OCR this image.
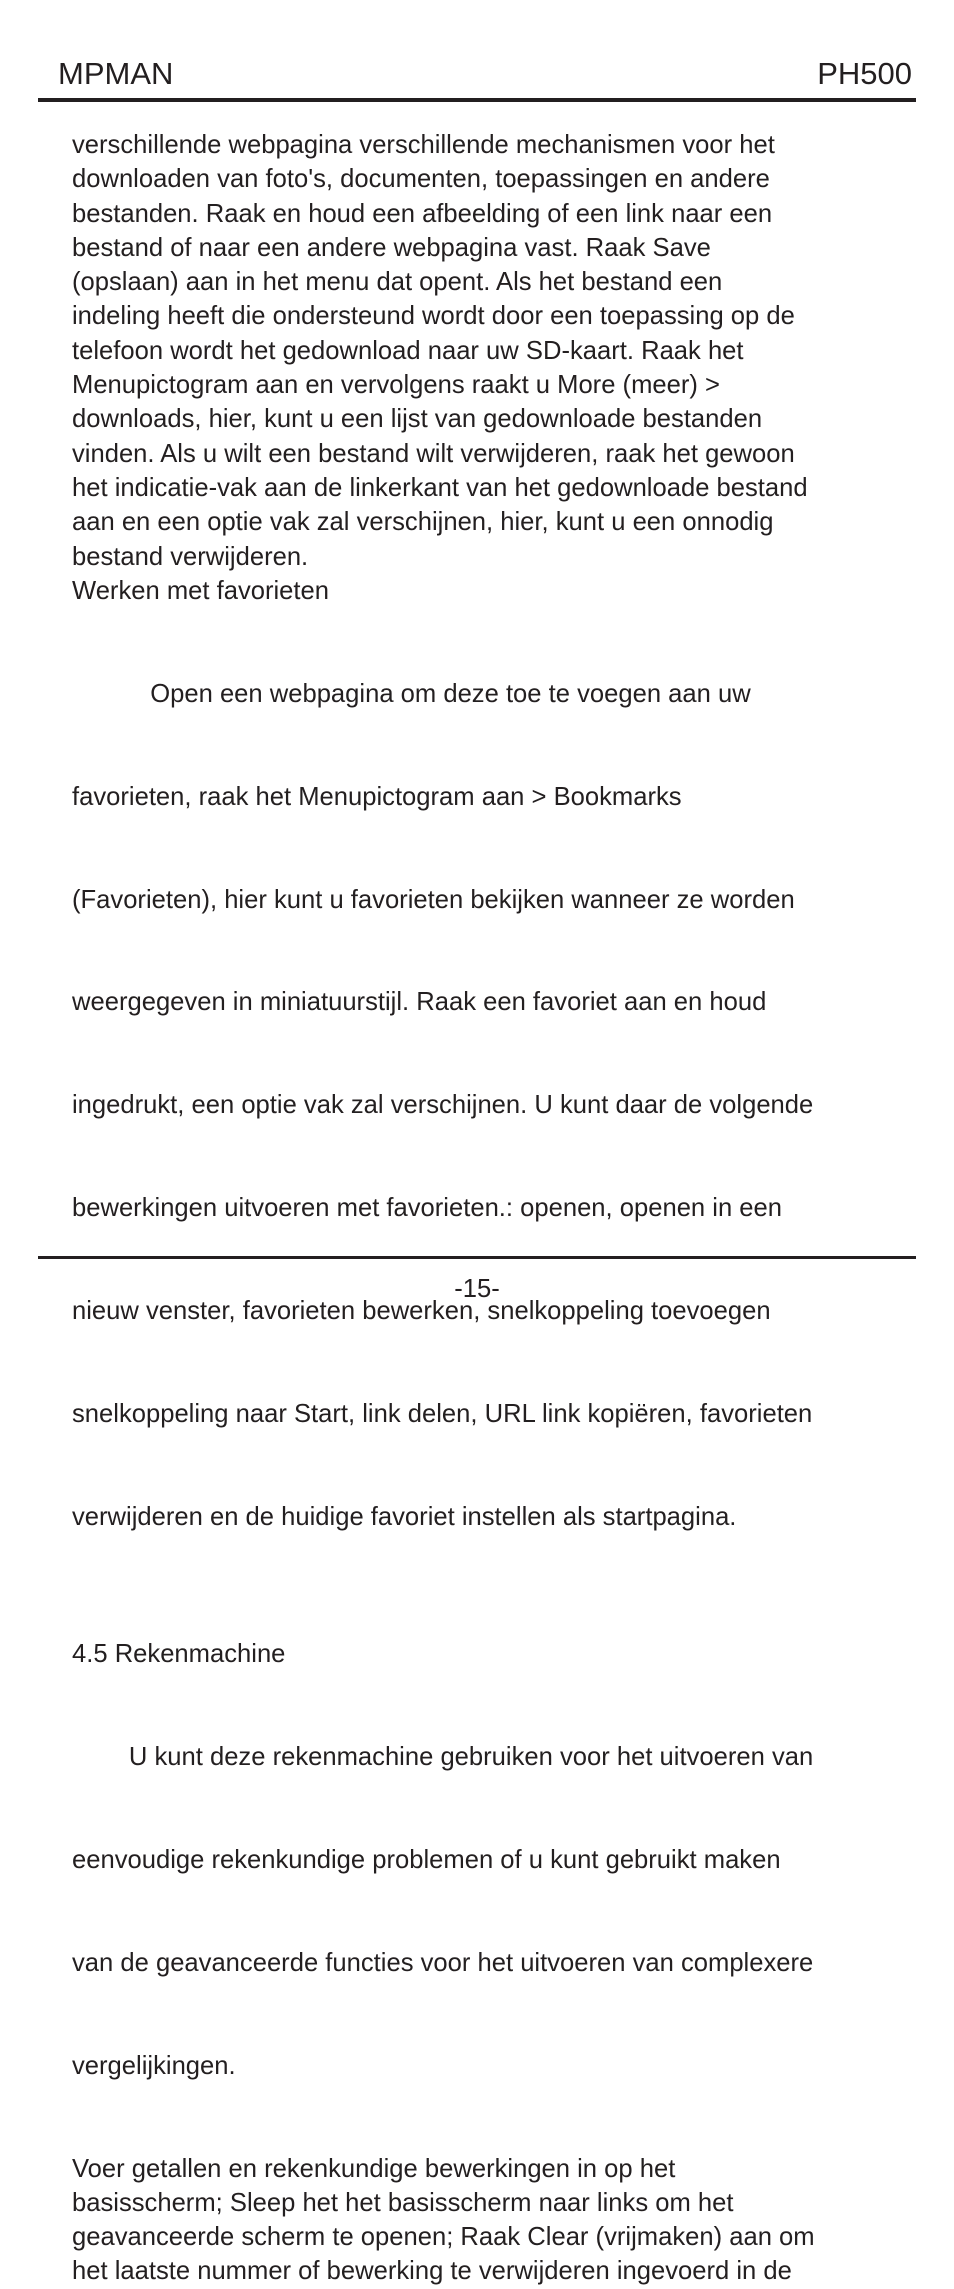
MPMAN	PH500
verschillende webpagina verschillende mechanismen voor het
downloaden van foto's, documenten, toepassingen en andere
bestanden. Raak en houd een afbeelding of een link naar een
bestand of naar een andere webpagina vast. Raak Save
(opslaan) aan in het menu dat opent. Als het bestand een
indeling heeft die ondersteund wordt door een toepassing op de
telefoon wordt het gedownload naar uw SD-kaart. Raak het
Menupictogram aan en vervolgens raakt u More (meer) >
downloads, hier, kunt u een lijst van gedownloade bestanden
vinden. Als u wilt een bestand wilt verwijderen, raak het gewoon
het indicatie-vak aan de linkerkant van het gedownloade bestand
aan en een optie vak zal verschijnen, hier, kunt u een onnodig
bestand verwijderen.
Werken met favorieten

Open een webpagina om deze toe te voegen aan uw

favorieten, raak het Menupictogram aan > Bookmarks

(Favorieten), hier kunt u favorieten bekijken wanneer ze worden

weergegeven in miniatuurstijl. Raak een favoriet aan en houd

ingedrukt, een optie vak zal verschijnen. U kunt daar de volgende

bewerkingen uitvoeren met favorieten.: openen, openen in een

nieuw venster, favorieten bewerken, snelkoppeling toevoegen

snelkoppeling naar Start, link delen, URL link kopiëren, favorieten

verwijderen en de huidige favoriet instellen als startpagina.

4.5 Rekenmachine

U kunt deze rekenmachine gebruiken voor het uitvoeren van

eenvoudige rekenkundige problemen of u kunt gebruikt maken

van de geavanceerde functies voor het uitvoeren van complexere

vergelijkingen.

Voer getallen en rekenkundige bewerkingen in op het
basisscherm; Sleep het het basisscherm naar links om het
geavanceerde scherm te openen; Raak Clear (vrijmaken) aan om
het laatste nummer of bewerking te verwijderen ingevoerd in de
-15-
